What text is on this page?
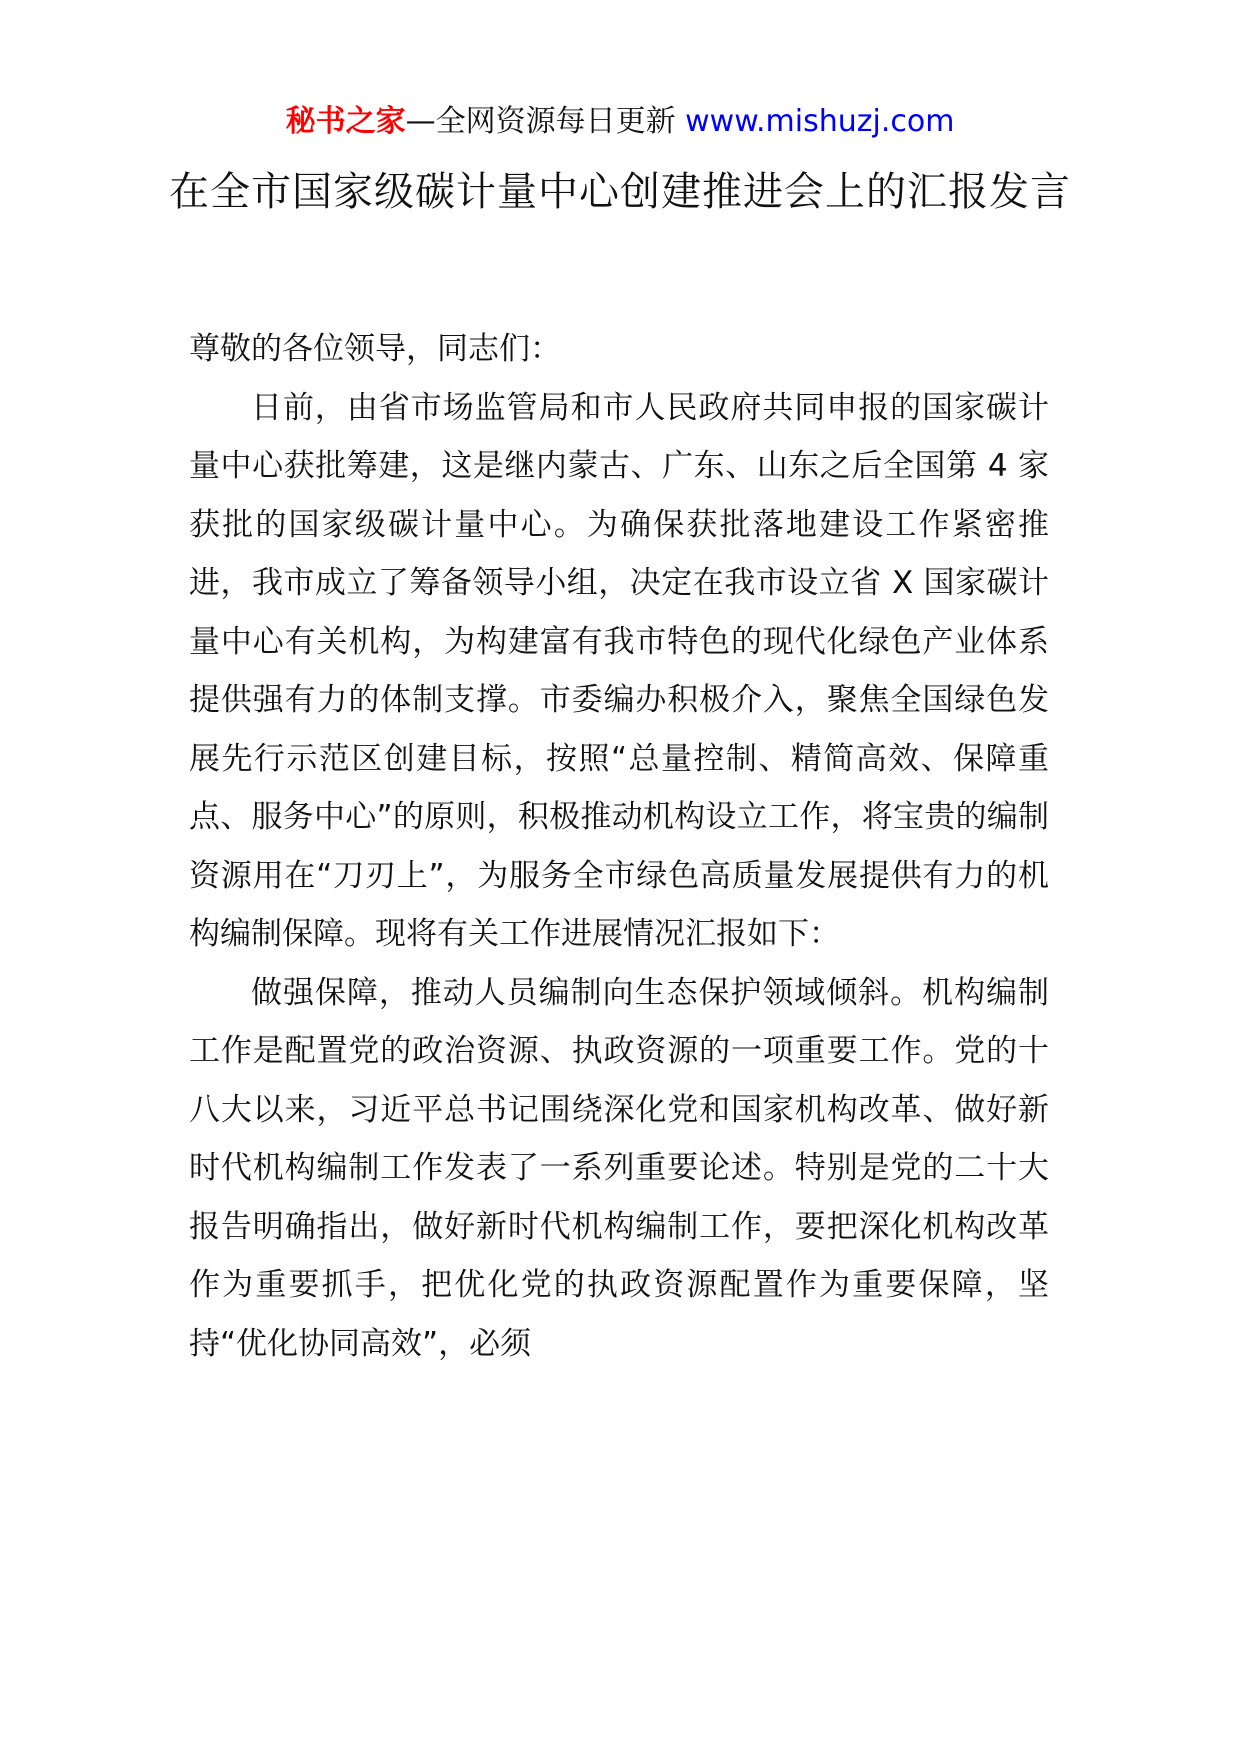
秘书之家—全网资源每日更新 www.mishuzj.com
在全市国家级碳计量中心创建推进会上的汇报发言

尊敬的各位领导，同志们：

日前，由省市场监管局和市人民政府共同申报的国家碳计量中心获批筹建，这是继内蒙古、广东、山东之后全国第 4 家获批的国家级碳计量中心。为确保获批落地建设工作紧密推进，我市成立了筹备领导小组，决定在我市设立省 X 国家碳计量中心有关机构，为构建富有我市特色的现代化绿色产业体系提供强有力的体制支撑。市委编办积极介入，聚焦全国绿色发展先行示范区创建目标，按照“总量控制、精简高效、保障重点、服务中心”的原则，积极推动机构设立工作，将宝贵的编制资源用在“刀刃上”，为服务全市绿色高质量发展提供有力的机构编制保障。现将有关工作进展情况汇报如下：

做强保障，推动人员编制向生态保护领域倾斜。机构编制工作是配置党的政治资源、执政资源的一项重要工作。党的十八大以来，习近平总书记围绕深化党和国家机构改革、做好新时代机构编制工作发表了一系列重要论述。特别是党的二十大报告明确指出，做好新时代机构编制工作，要把深化机构改革作为重要抓手，把优化党的执政资源配置作为重要保障，坚持“优化协同高效”，必须
